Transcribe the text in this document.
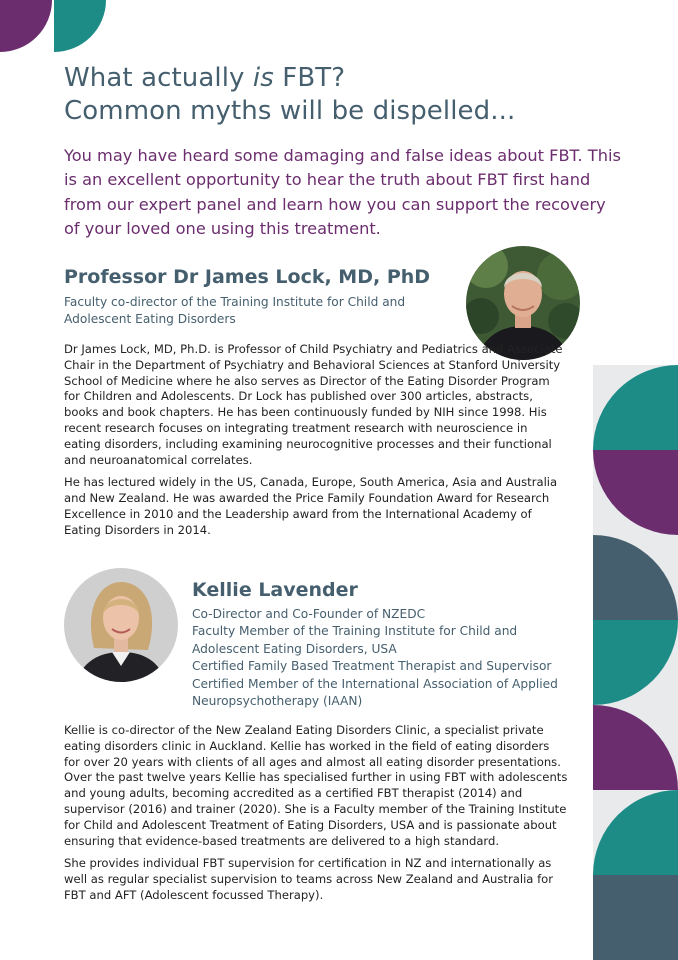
What actually is FBT?
Common myths will be dispelled...

You may have heard some damaging and false ideas about FBT. This is an excellent opportunity to hear the truth about FBT first hand from our expert panel and learn how you can support the recovery of your loved one using this treatment.

Professor Dr James Lock, MD, PhD
Faculty co-director of the Training Institute for Child and Adolescent Eating Disorders

Dr James Lock, MD, Ph.D. is Professor of Child Psychiatry and Pediatrics and Associate Chair in the Department of Psychiatry and Behavioral Sciences at Stanford University School of Medicine where he also serves as Director of the Eating Disorder Program for Children and Adolescents. Dr Lock has published over 300 articles, abstracts, books and book chapters. He has been continuously funded by NIH since 1998. His recent research focuses on integrating treatment research with neuroscience in eating disorders, including examining neurocognitive processes and their functional and neuroanatomical correlates.

He has lectured widely in the US, Canada, Europe, South America, Asia and Australia and New Zealand. He was awarded the Price Family Foundation Award for Research Excellence in 2010 and the Leadership award from the International Academy of Eating Disorders in 2014.

Kellie Lavender
Co-Director and Co-Founder of NZEDC
Faculty Member of the Training Institute for Child and Adolescent Eating Disorders, USA
Certified Family Based Treatment Therapist and Supervisor
Certified Member of the International Association of Applied Neuropsychotherapy (IAAN)

Kellie is co-director of the New Zealand Eating Disorders Clinic, a specialist private eating disorders clinic in Auckland. Kellie has worked in the field of eating disorders for over 20 years with clients of all ages and almost all eating disorder presentations. Over the past twelve years Kellie has specialised further in using FBT with adolescents and young adults, becoming accredited as a certified FBT therapist (2014) and supervisor (2016) and trainer (2020). She is a Faculty member of the Training Institute for Child and Adolescent Treatment of Eating Disorders, USA and is passionate about ensuring that evidence-based treatments are delivered to a high standard.

She provides individual FBT supervision for certification in NZ and internationally as well as regular specialist supervision to teams across New Zealand and Australia for FBT and AFT (Adolescent focussed Therapy).
